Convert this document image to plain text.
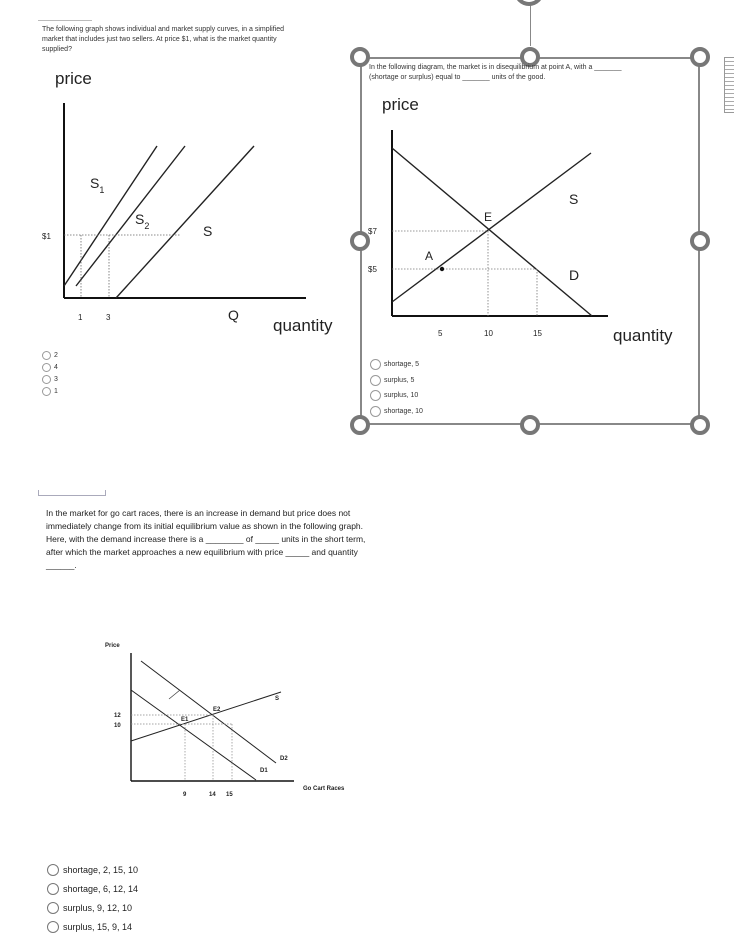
The following graph shows individual and market supply curves, in a simplified
market that includes just two sellers. At price $1, what is the market quantity
supplied?
price
$S_1$
$S_2$	S
Q
quantity
$1
1	3
2
4
3
1
In the following diagram, the market is in disequilibrium at point A, with a _______
(shortage or surplus) equal to _______ units of the good.
price
A
E
S
D
$7
$5
5	10	15	quantity
shortage, 5
surplus, 5
surplus, 10
shortage, 10
In the market for go cart races, there is an increase in demand but price does not
immediately change from its initial equilibrium value as shown in the following graph.
Here, with the demand increase there is a ________ of _____ units in the short term,
after which the market approaches a new equilibrium with price _____ and quantity
______.
Price
12
10
E1
E2
S
D1
D2
9	14 15
Go Cart Races
shortage, 2, 15, 10
shortage, 6, 12, 14
surplus, 9, 12, 10
surplus, 15, 9, 14
